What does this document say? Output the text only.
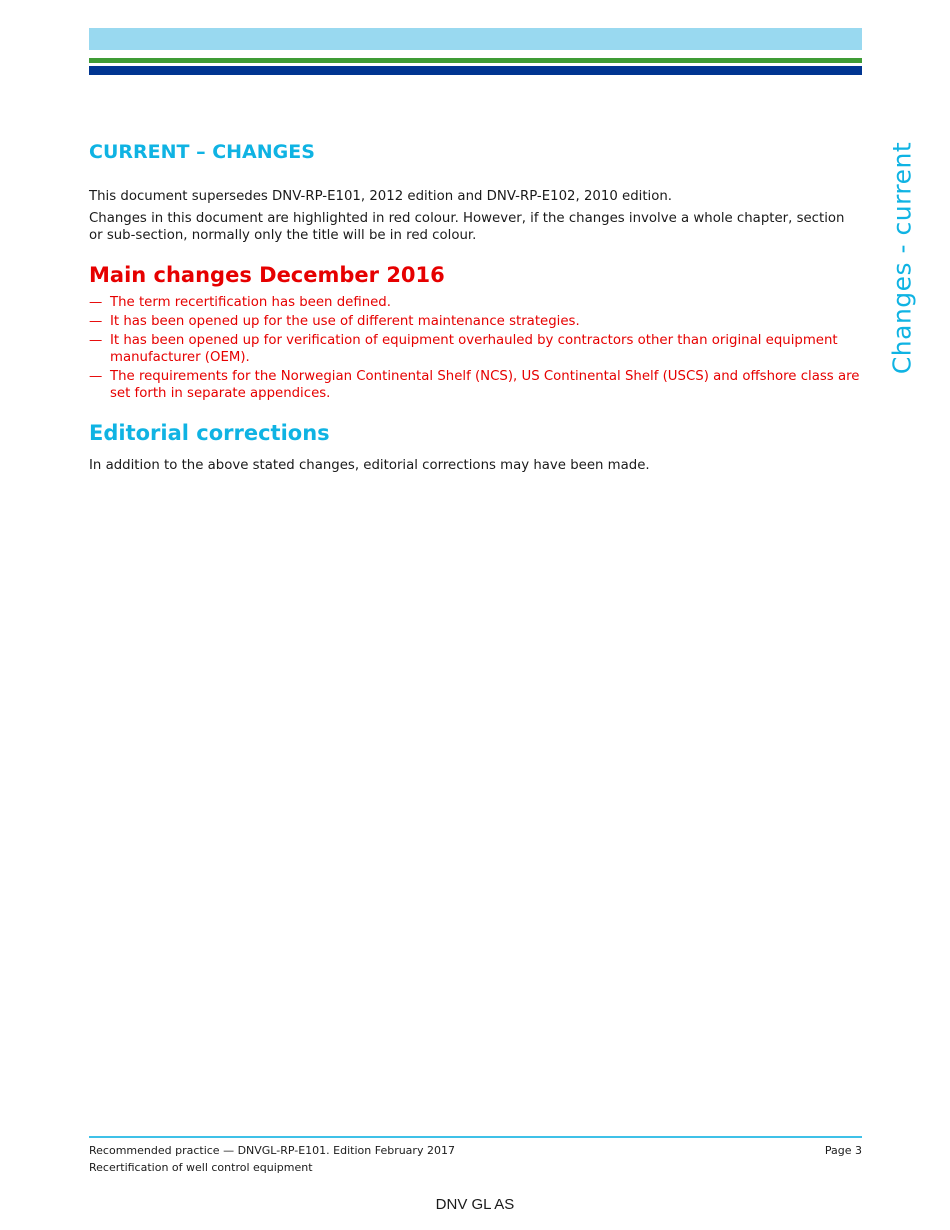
Changes - current
CURRENT – CHANGES

This document supersedes DNV-RP-E101, 2012 edition and DNV-RP-E102, 2010 edition.

Changes in this document are highlighted in red colour. However, if the changes involve a whole chapter, section or sub-section, normally only the title will be in red colour.

Main changes December 2016
— The term recertification has been defined.
— It has been opened up for the use of different maintenance strategies.
— It has been opened up for verification of equipment overhauled by contractors other than original equipment manufacturer (OEM).
— The requirements for the Norwegian Continental Shelf (NCS), US Continental Shelf (USCS) and offshore class are set forth in separate appendices.
Editorial corrections

In addition to the above stated changes, editorial corrections may have been made.

Recommended practice — DNVGL-RP-E101. Edition February 2017
Recertification of well control equipment
Page 3
DNV GL AS
